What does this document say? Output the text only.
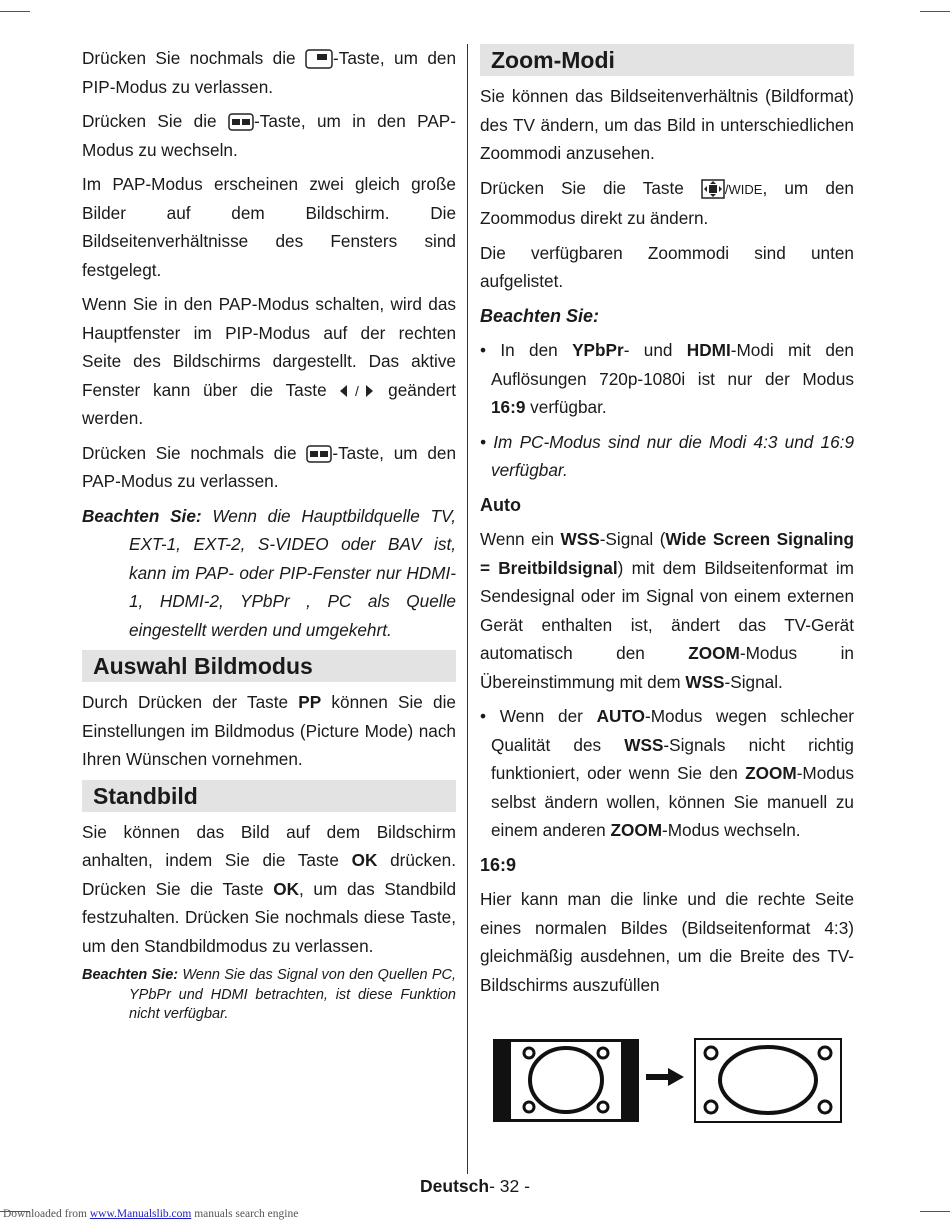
Drücken Sie nochmals die -Taste, um den PIP-Modus zu verlassen.

Drücken Sie die -Taste, um in den PAP-Modus zu wechseln.

Im PAP-Modus erscheinen zwei gleich große Bilder auf dem Bildschirm. Die Bildseitenverhältnisse des Fensters sind festgelegt.

Wenn Sie in den PAP-Modus schalten, wird das Hauptfenster im PIP-Modus auf der rechten Seite des Bildschirms dargestellt. Das aktive Fenster kann über die Taste / geändert werden.

Drücken Sie nochmals die -Taste, um den PAP-Modus zu verlassen.

Beachten Sie: Wenn die Hauptbildquelle TV, EXT-1, EXT-2, S-VIDEO oder BAV ist, kann im PAP- oder PIP-Fenster nur HDMI-1, HDMI-2, YPbPr , PC als Quelle eingestellt werden und umgekehrt.

Auswahl Bildmodus

Durch Drücken der Taste PP können Sie die Einstellungen im Bildmodus (Picture Mode) nach Ihren Wünschen vornehmen.

Standbild

Sie können das Bild auf dem Bildschirm anhalten, indem Sie die Taste OK drücken. Drücken Sie die Taste OK, um das Standbild festzuhalten. Drücken Sie nochmals diese Taste, um den Standbildmodus zu verlassen.

Beachten Sie: Wenn Sie das Signal von den Quellen PC, YPbPr und HDMI betrachten, ist diese Funktion nicht verfügbar.

Zoom-Modi

Sie können das Bildseitenverhältnis (Bildformat) des TV ändern, um das Bild in unterschiedlichen Zoommodi anzusehen.

Drücken Sie die Taste /WIDE, um den Zoommodus direkt zu ändern.

Die verfügbaren Zoommodi sind unten aufgelistet.

Beachten Sie:

• In den YPbPr- und HDMI-Modi mit den Auflösungen 720p-1080i ist nur der Modus 16:9 verfügbar.

• Im PC-Modus sind nur die Modi 4:3 und 16:9 verfügbar.

Auto

Wenn ein WSS-Signal (Wide Screen Signaling = Breitbildsignal) mit dem Bildseitenformat im Sendesignal oder im Signal von einem externen Gerät enthalten ist, ändert das TV-Gerät automatisch den ZOOM-Modus in Übereinstimmung mit dem WSS-Signal.

• Wenn der AUTO-Modus wegen schlecher Qualität des WSS-Signals nicht richtig funktioniert, oder wenn Sie den ZOOM-Modus selbst ändern wollen, können Sie manuell zu einem anderen ZOOM-Modus wechseln.

16:9

Hier kann man die linke und die rechte Seite eines normalen Bildes (Bildseitenformat 4:3) gleichmäßig ausdehnen, um die Breite des TV-Bildschirms auszufüllen

Deutsch- 32 -
Downloaded from www.Manualslib.com manuals search engine
